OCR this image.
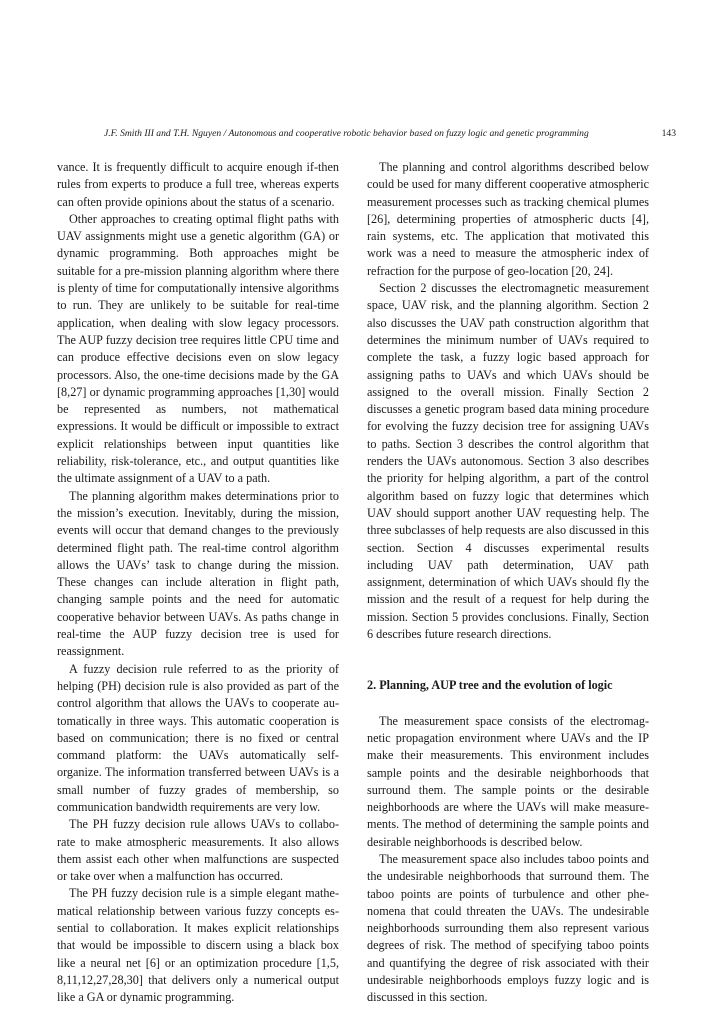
J.F. Smith III and T.H. Nguyen / Autonomous and cooperative robotic behavior based on fuzzy logic and genetic programming	143

vance. It is frequently difficult to acquire enough if-then rules from experts to produce a full tree, whereas experts can often provide opinions about the status of a scenario.

Other approaches to creating optimal flight paths with UAV assignments might use a genetic algorithm (GA) or dynamic programming. Both approaches might be suitable for a pre-mission planning algorithm where there is plenty of time for computationally intensive algorithms to run. They are unlikely to be suitable for real-time application, when dealing with slow legacy processors. The AUP fuzzy decision tree requires little CPU time and can produce effective decisions even on slow legacy processors. Also, the one-time decisions made by the GA [8,27] or dynamic programming approaches [1,30] would be represented as numbers, not mathematical expressions. It would be difficult or impossible to extract explicit relationships between input quantities like reliability, risk-tolerance, etc., and output quantities like the ultimate assignment of a UAV to a path.

The planning algorithm makes determinations prior to the mission’s execution. Inevitably, during the mission, events will occur that demand changes to the previously determined flight path. The real-time control algorithm allows the UAVs’ task to change during the mission. These changes can include alteration in flight path, changing sample points and the need for automatic cooperative behavior between UAVs. As paths change in real-time the AUP fuzzy decision tree is used for reassignment.

A fuzzy decision rule referred to as the priority of helping (PH) decision rule is also provided as part of the control algorithm that allows the UAVs to cooperate automatically in three ways. This automatic cooperation is based on communication; there is no fixed or central command platform: the UAVs automatically self-organize. The information transferred between UAVs is a small number of fuzzy grades of membership, so communication bandwidth requirements are very low.

The PH fuzzy decision rule allows UAVs to collaborate to make atmospheric measurements. It also allows them assist each other when malfunctions are suspected or take over when a malfunction has occurred.

The PH fuzzy decision rule is a simple elegant mathematical relationship between various fuzzy concepts essential to collaboration. It makes explicit relationships that would be impossible to discern using a black box like a neural net [6] or an optimization procedure [1,5, 8,11,12,27,28,30] that delivers only a numerical output like a GA or dynamic programming.

The planning and control algorithms described below could be used for many different cooperative atmospheric measurement processes such as tracking chemical plumes [26], determining properties of atmospheric ducts [4], rain systems, etc. The application that motivated this work was a need to measure the atmospheric index of refraction for the purpose of geo-location [20, 24].

Section 2 discusses the electromagnetic measurement space, UAV risk, and the planning algorithm. Section 2 also discusses the UAV path construction algorithm that determines the minimum number of UAVs required to complete the task, a fuzzy logic based approach for assigning paths to UAVs and which UAVs should be assigned to the overall mission. Finally Section 2 discusses a genetic program based data mining procedure for evolving the fuzzy decision tree for assigning UAVs to paths. Section 3 describes the control algorithm that renders the UAVs autonomous. Section 3 also describes the priority for helping algorithm, a part of the control algorithm based on fuzzy logic that determines which UAV should support another UAV requesting help. The three subclasses of help requests are also discussed in this section. Section 4 discusses experimental results including UAV path determination, UAV path assignment, determination of which UAVs should fly the mission and the result of a request for help during the mission. Section 5 provides conclusions. Finally, Section 6 describes future research directions.

2. Planning, AUP tree and the evolution of logic

The measurement space consists of the electromagnetic propagation environment where UAVs and the IP make their measurements. This environment includes sample points and the desirable neighborhoods that surround them. The sample points or the desirable neighborhoods are where the UAVs will make measurements. The method of determining the sample points and desirable neighborhoods is described below.

The measurement space also includes taboo points and the undesirable neighborhoods that surround them. The taboo points are points of turbulence and other phenomena that could threaten the UAVs. The undesirable neighborhoods surrounding them also represent various degrees of risk. The method of specifying taboo points and quantifying the degree of risk associated with their undesirable neighborhoods employs fuzzy logic and is discussed in this section.
